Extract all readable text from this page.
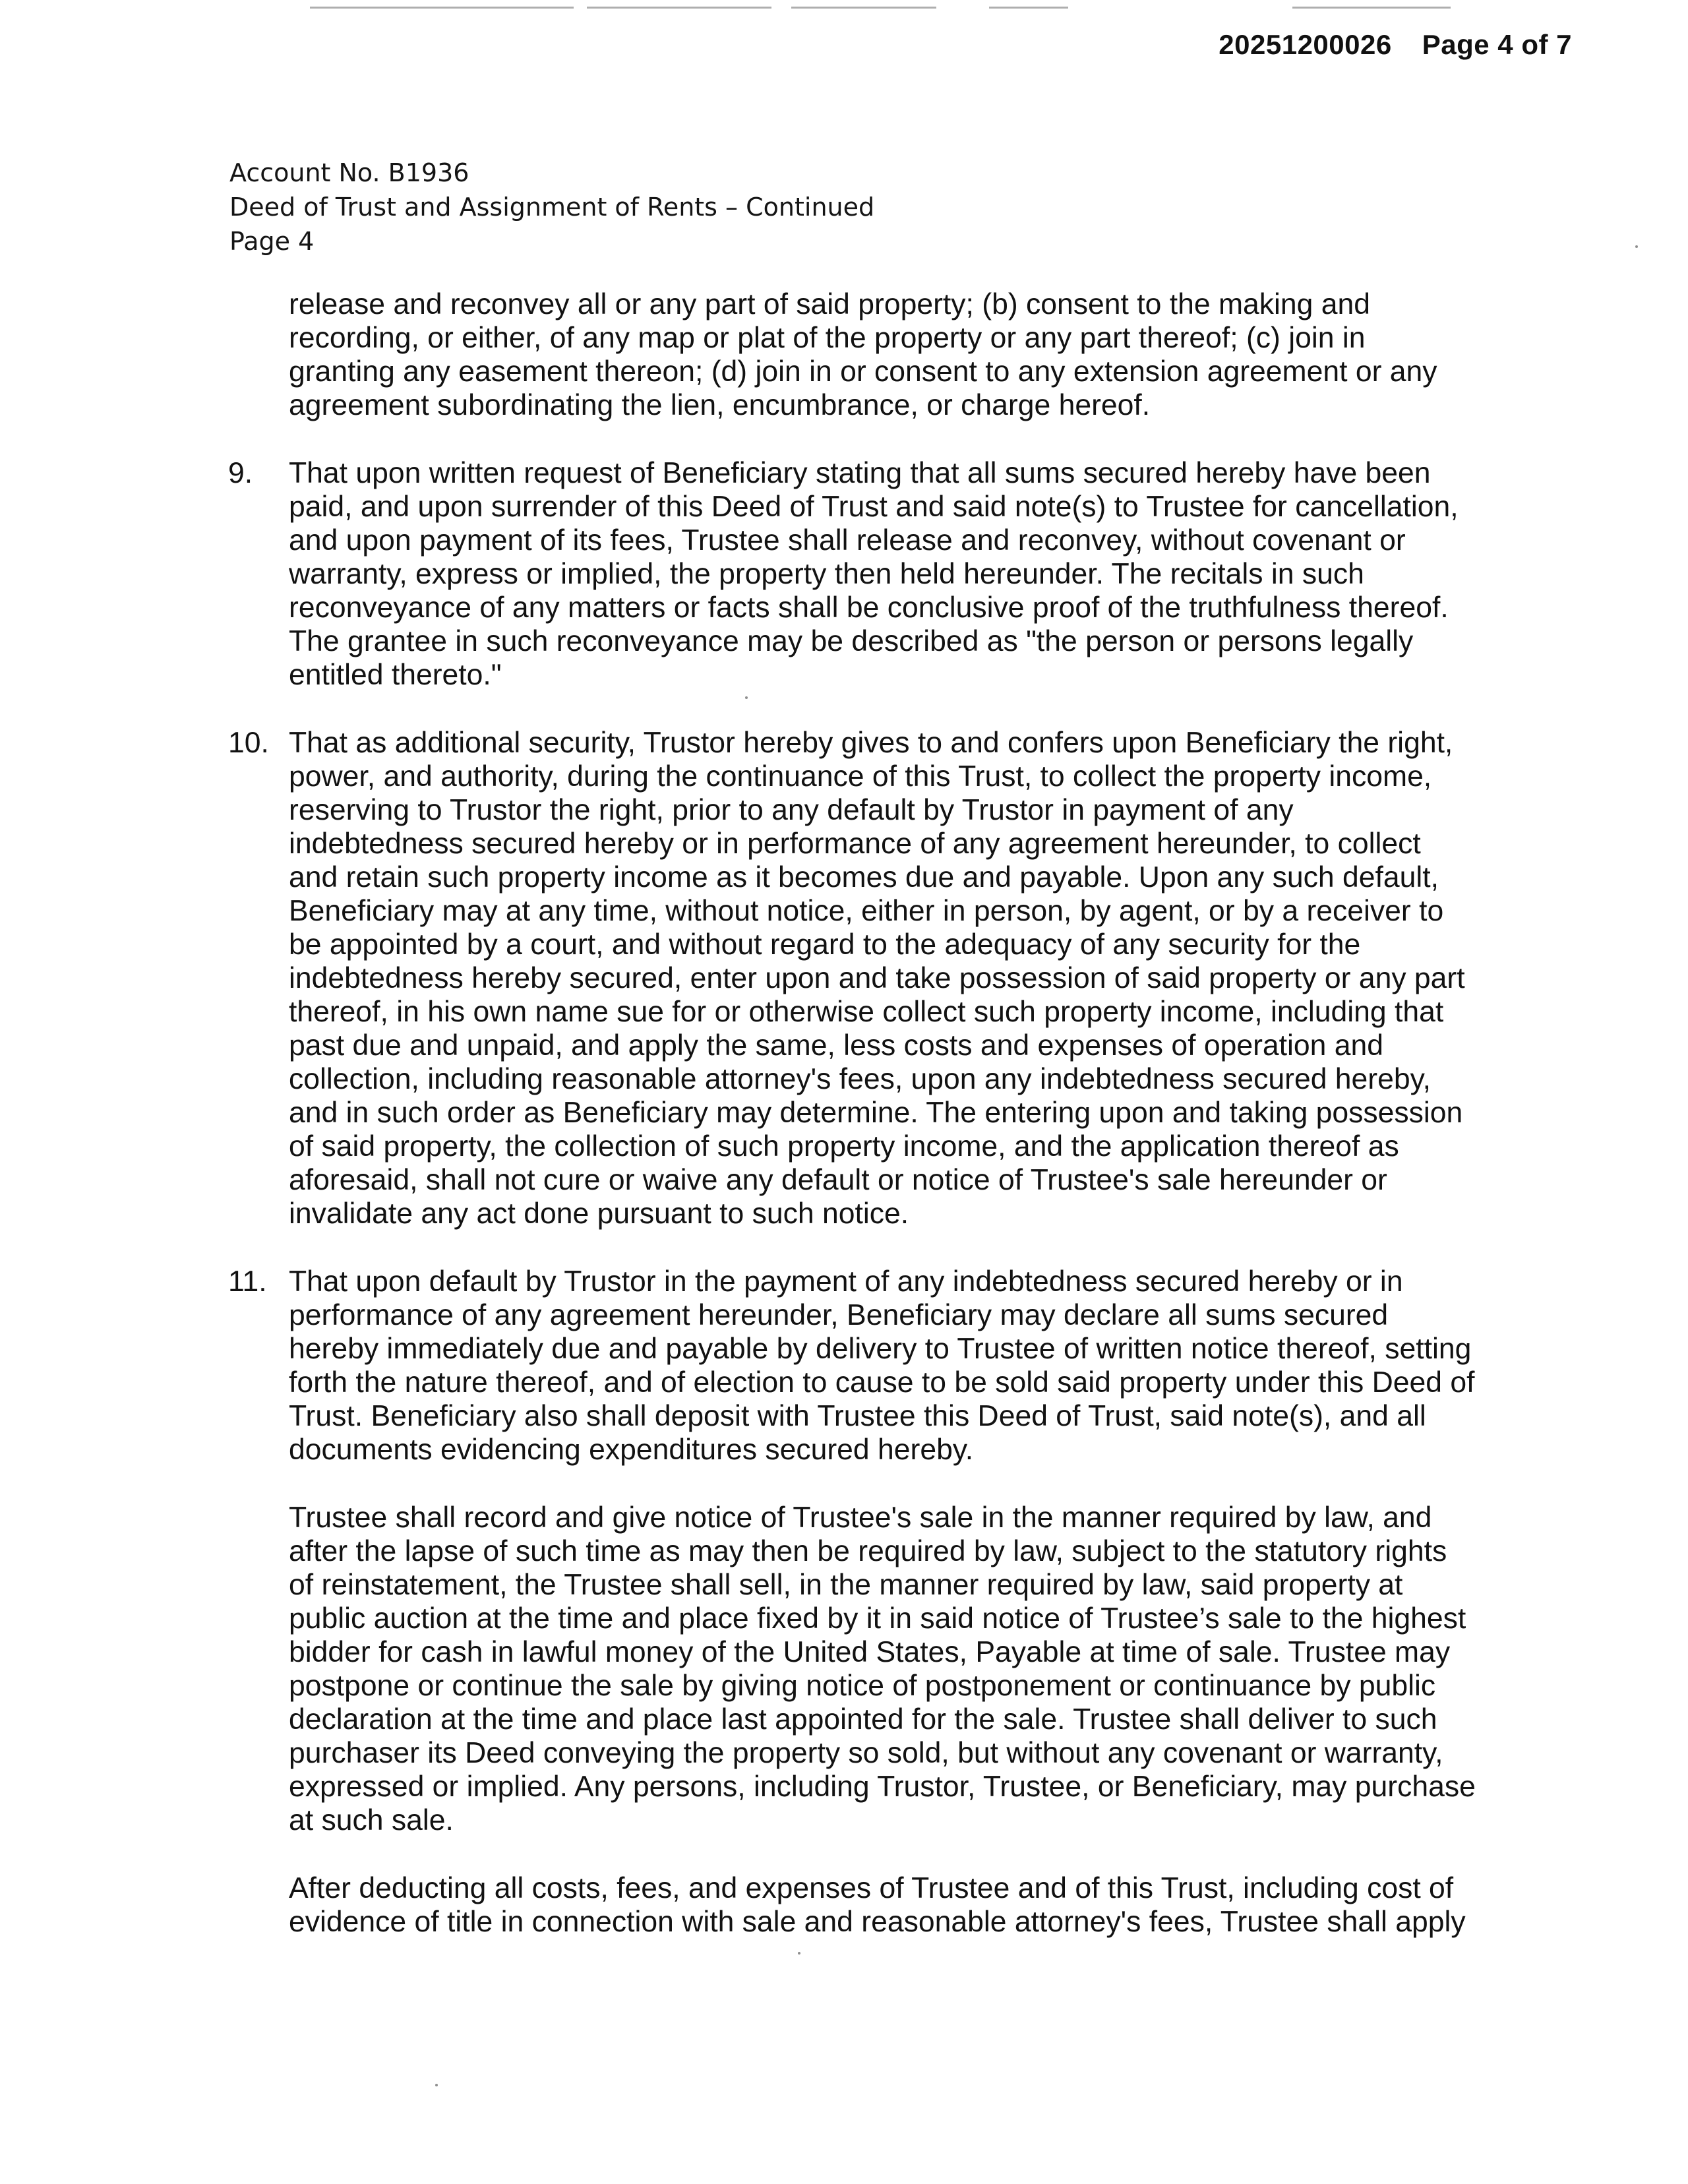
20251200026 Page 4 of 7
Account No. B1936
Deed of Trust and Assignment of Rents – Continued
Page 4
release and reconvey all or any part of said property; (b) consent to the making and recording, or either, of any map or plat of the property or any part thereof; (c) join in granting any easement thereon; (d) join in or consent to any extension agreement or any agreement subordinating the lien, encumbrance, or charge hereof.
9.	That upon written request of Beneficiary stating that all sums secured hereby have been paid, and upon surrender of this Deed of Trust and said note(s) to Trustee for cancellation, and upon payment of its fees, Trustee shall release and reconvey, without covenant or warranty, express or implied, the property then held hereunder. The recitals in such reconveyance of any matters or facts shall be conclusive proof of the truthfulness thereof. The grantee in such reconveyance may be described as "the person or persons legally entitled thereto."
10. That as additional security, Trustor hereby gives to and confers upon Beneficiary the right, power, and authority, during the continuance of this Trust, to collect the property income, reserving to Trustor the right, prior to any default by Trustor in payment of any indebtedness secured hereby or in performance of any agreement hereunder, to collect and retain such property income as it becomes due and payable. Upon any such default, Beneficiary may at any time, without notice, either in person, by agent, or by a receiver to be appointed by a court, and without regard to the adequacy of any security for the indebtedness hereby secured, enter upon and take possession of said property or any part thereof, in his own name sue for or otherwise collect such property income, including that past due and unpaid, and apply the same, less costs and expenses of operation and collection, including reasonable attorney's fees, upon any indebtedness secured hereby, and in such order as Beneficiary may determine. The entering upon and taking possession of said property, the collection of such property income, and the application thereof as aforesaid, shall not cure or waive any default or notice of Trustee's sale hereunder or invalidate any act done pursuant to such notice.
11. That upon default by Trustor in the payment of any indebtedness secured hereby or in performance of any agreement hereunder, Beneficiary may declare all sums secured hereby immediately due and payable by delivery to Trustee of written notice thereof, setting forth the nature thereof, and of election to cause to be sold said property under this Deed of Trust. Beneficiary also shall deposit with Trustee this Deed of Trust, said note(s), and all documents evidencing expenditures secured hereby.
Trustee shall record and give notice of Trustee's sale in the manner required by law, and after the lapse of such time as may then be required by law, subject to the statutory rights of reinstatement, the Trustee shall sell, in the manner required by law, said property at public auction at the time and place fixed by it in said notice of Trustee’s sale to the highest bidder for cash in lawful money of the United States, Payable at time of sale. Trustee may postpone or continue the sale by giving notice of postponement or continuance by public declaration at the time and place last appointed for the sale. Trustee shall deliver to such purchaser its Deed conveying the property so sold, but without any covenant or warranty, expressed or implied. Any persons, including Trustor, Trustee, or Beneficiary, may purchase at such sale.
After deducting all costs, fees, and expenses of Trustee and of this Trust, including cost of evidence of title in connection with sale and reasonable attorney's fees, Trustee shall apply
